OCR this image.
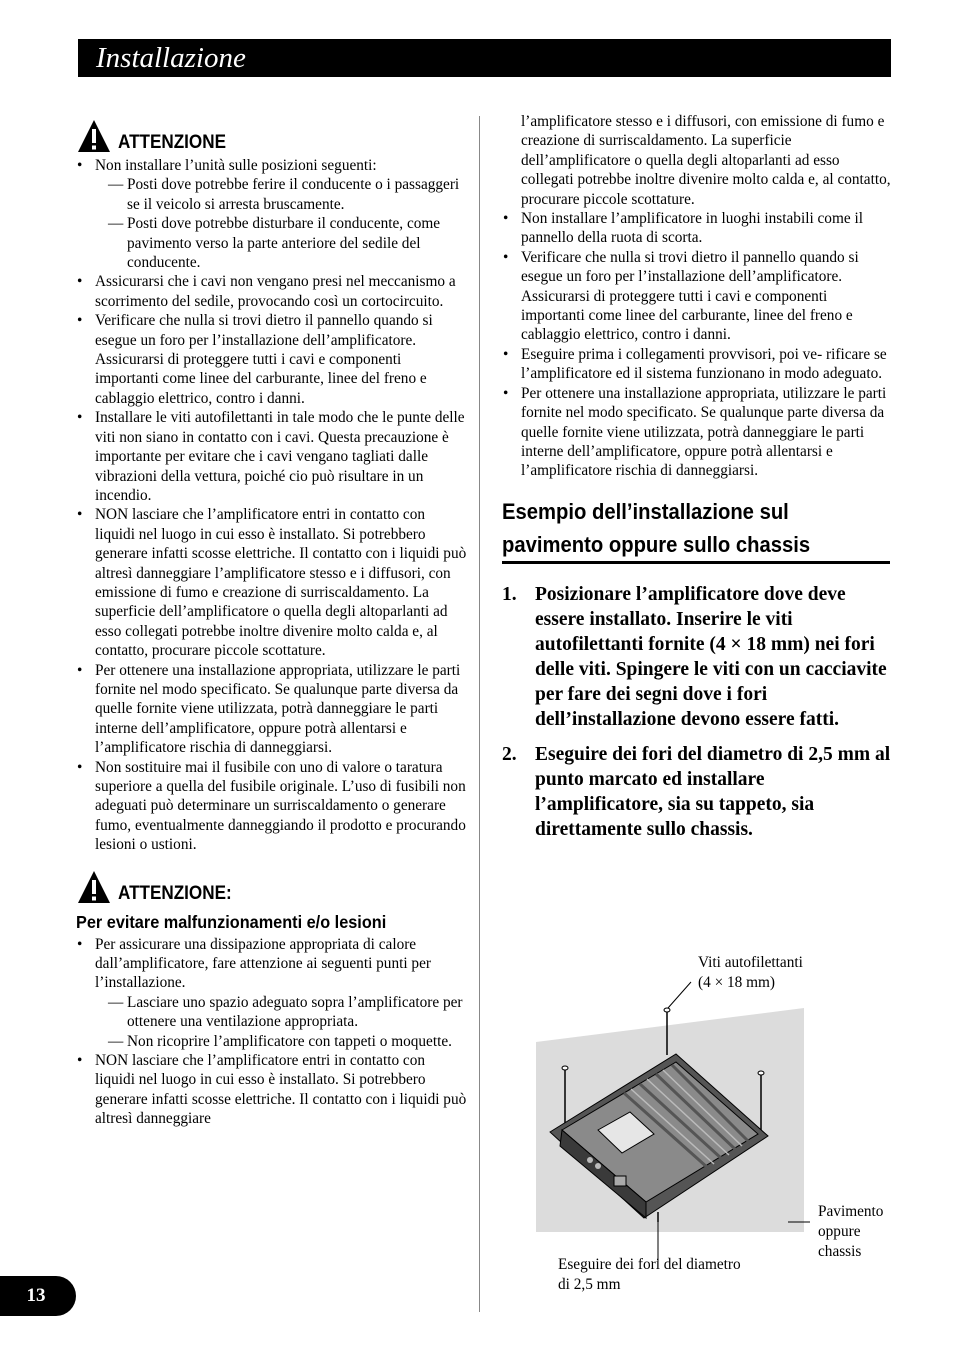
Installazione
ATTENZIONE
• Non installare l’unità sulle posizioni seguenti:
— Posti dove potrebbe ferire il conducente o i passaggeri se il veicolo si arresta bruscamente.
— Posti dove potrebbe disturbare il conducente, come pavimento verso la parte anteriore del sedile del conducente.
• Assicurarsi che i cavi non vengano presi nel meccanismo a scorrimento del sedile, provocando così un cortocircuito.
• Verificare che nulla si trovi dietro il pannello quando si esegue un foro per l’installazione dell’amplificatore. Assicurarsi di proteggere tutti i cavi e componenti importanti come linee del carburante, linee del freno e cablaggio elettrico, contro i danni.
• Installare le viti autofilettanti in tale modo che le punte delle viti non siano in contatto con i cavi. Questa precauzione è importante per evitare che i cavi vengano tagliati dalle vibrazioni della vettura, poiché cio può risultare in un incendio.
• NON lasciare che l’amplificatore entri in contatto con liquidi nel luogo in cui esso è installato. Si potrebbero generare infatti scosse elettriche. Il contatto con i liquidi può altresì danneggiare l’amplificatore stesso e i diffusori, con emissione di fumo e creazione di surriscaldamento. La superficie dell’amplificatore o quella degli altoparlanti ad esso collegati potrebbe inoltre divenire molto calda e, al contatto, procurare piccole scottature.
• Per ottenere una installazione appropriata, utilizzare le parti fornite nel modo specificato. Se qualunque parte diversa da quelle fornite viene utilizzata, potrà danneggiare le parti interne dell’amplificatore, oppure potrà allentarsi e l’amplificatore rischia di danneggiarsi.
• Non sostituire mai il fusibile con uno di valore o taratura superiore a quella del fusibile originale. L’uso di fusibili non adeguati può determinare un surriscaldamento o generare fumo, eventualmente danneggiando il prodotto e procurando lesioni o ustioni.
ATTENZIONE:
Per evitare malfunzionamenti e/o lesioni
• Per assicurare una dissipazione appropriata di calore dall’amplificatore, fare attenzione ai seguenti punti per l’installazione.
— Lasciare uno spazio adeguato sopra l’amplificatore per ottenere una ventilazione appropriata.
— Non ricoprire l’amplificatore con tappeti o moquette.
• NON lasciare che l’amplificatore entri in contatto con liquidi nel luogo in cui esso è installato. Si potrebbero generare infatti scosse elettriche. Il contatto con i liquidi può altresì danneggiare
l’amplificatore stesso e i diffusori, con emissione di fumo e creazione di surriscaldamento. La superficie dell’amplificatore o quella degli altoparlanti ad esso collegati potrebbe inoltre divenire molto calda e, al contatto, procurare piccole scottature.
• Non installare l’amplificatore in luoghi instabili come il pannello della ruota di scorta.
• Verificare che nulla si trovi dietro il pannello quando si esegue un foro per l’installazione dell’amplificatore. Assicurarsi di proteggere tutti i cavi e componenti importanti come linee del carburante, linee del freno e cablaggio elettrico, contro i danni.
• Eseguire prima i collegamenti provvisori, poi ve- rificare se l’amplificatore ed il sistema funzionano in modo adeguato.
• Per ottenere una installazione appropriata, utilizzare le parti fornite nel modo specificato. Se qualunque parte diversa da quelle fornite viene utilizzata, potrà danneggiare le parti interne dell’amplificatore, oppure potrà allentarsi e l’amplificatore rischia di danneggiarsi.
Esempio dell’installazione sul
pavimento oppure sullo chassis
1. Posizionare l’amplificatore dove deve essere installato. Inserire le viti autofilettanti fornite (4 × 18 mm) nei fori delle viti. Spingere le viti con un cacciavite per fare dei segni dove i fori dell’installazione devono essere fatti.
2. Eseguire dei fori del diametro di 2,5 mm al punto marcato ed installare l’amplificatore, sia su tappeto, sia direttamente sullo chassis.
Viti autofilettanti
(4 × 18 mm)
Pavimento
oppure
chassis
Eseguire dei fori del diametro
di 2,5 mm
13
